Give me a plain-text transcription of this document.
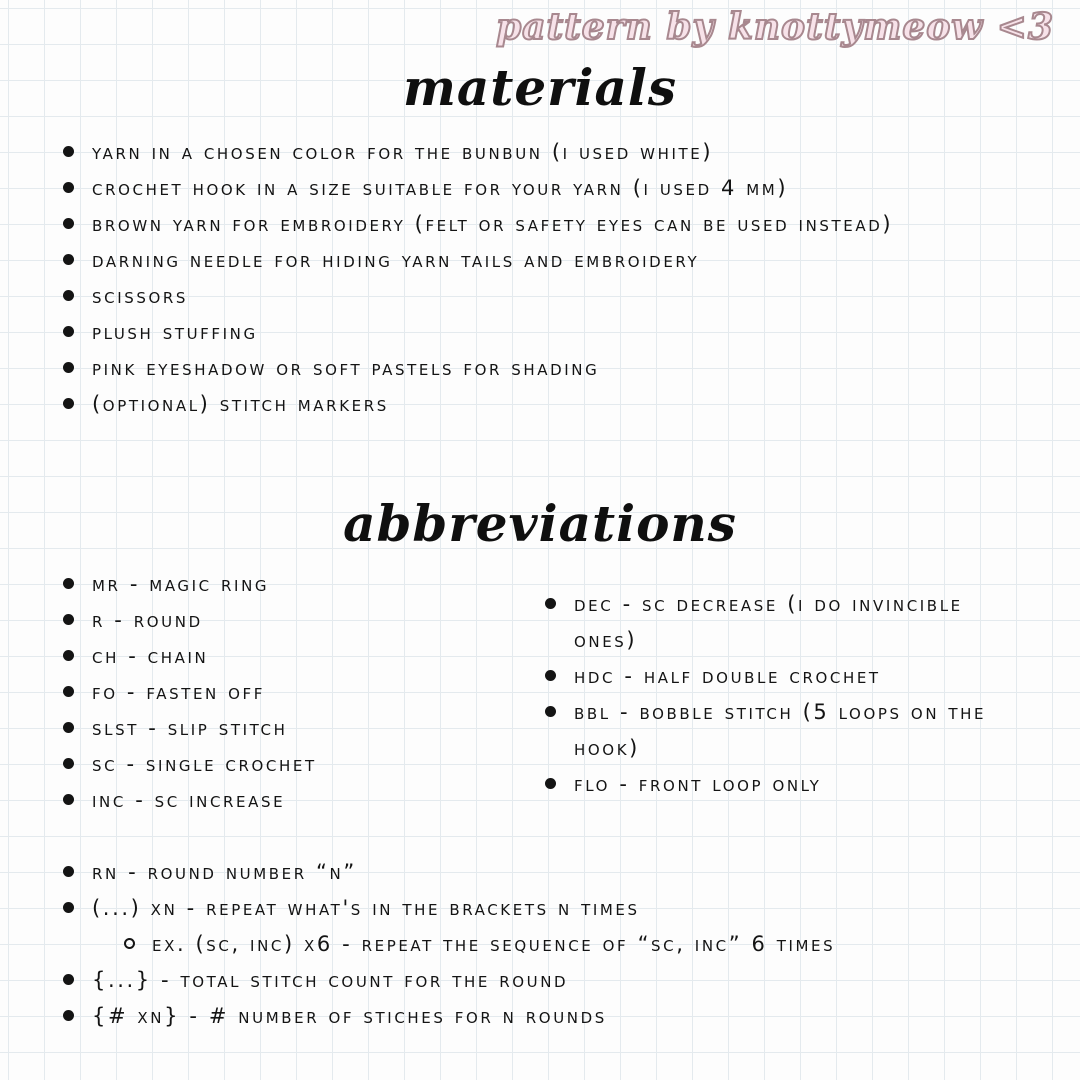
pattern by knottymeow <3
materials
yarn in a chosen color for the bunbun (i used white)
crochet hook in a size suitable for your yarn (i used 4 mm)
brown yarn for embroidery (felt or safety eyes can be used instead)
darning needle for hiding yarn tails and embroidery
scissors
plush stuffing
pink eyeshadow or soft pastels for shading
(optional) stitch markers
abbreviations
mr - magic ring
r - round
ch - chain
fo - fasten off
slst - slip stitch
sc - single crochet
inc - sc increase
dec - sc decrease (i do invincible ones)
hdc - half double crochet
bbl - bobble stitch (5 loops on the hook)
flo - front loop only
rn - round number “n”
(...) xn - repeat what's in the brackets n times
ex. (sc, inc) x6 - repeat the sequence of “sc, inc” 6 times
{...} - total stitch count for the round
{# xn} - # number of stiches for n rounds
